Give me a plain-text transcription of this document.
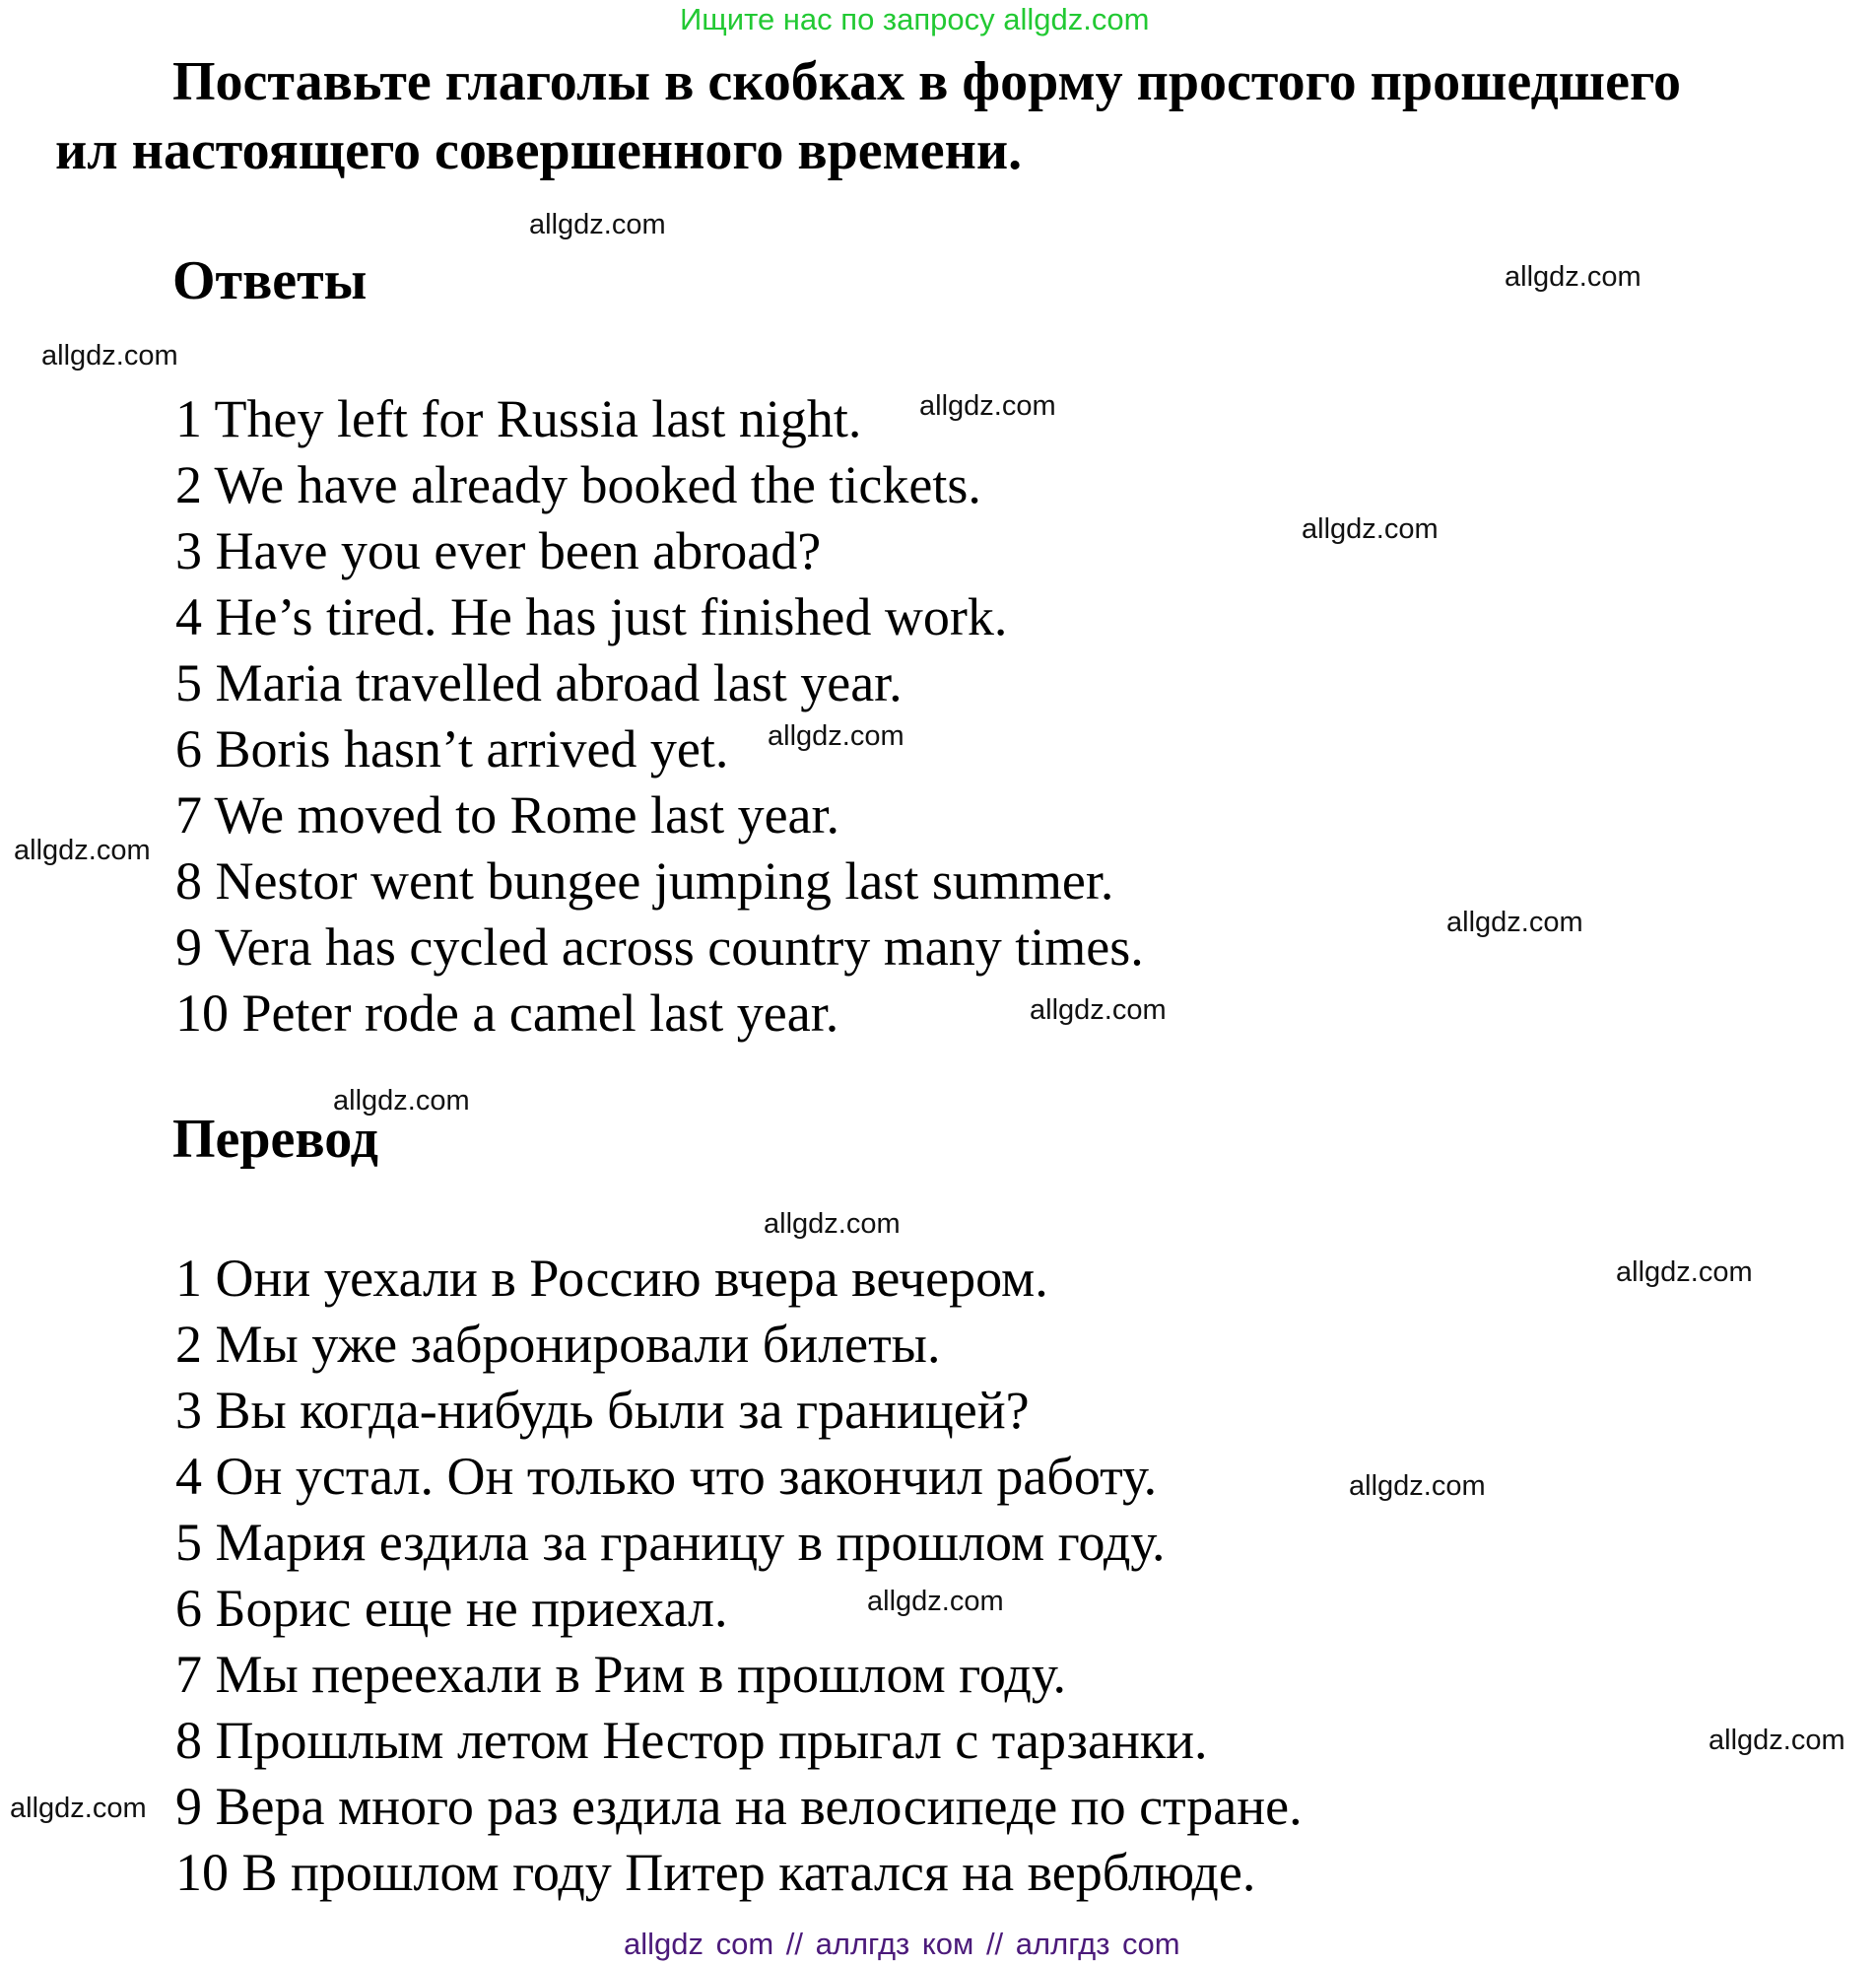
Ищите нас по запросу allgdz.com
Поставьте глаголы в скобках в форму простого прошедшего
ил настоящего совершенного времени.
Ответы
1 They left for Russia last night.
2 We have already booked the tickets.
3 Have you ever been abroad?
4 He’s tired. He has just finished work.
5 Maria travelled abroad last year.
6 Boris hasn’t arrived yet.
7 We moved to Rome last year.
8 Nestor went bungee jumping last summer.
9 Vera has cycled across country many times.
10 Peter rode a camel last year.
Перевод
1 Они уехали в Россию вчера вечером.
2 Мы уже забронировали билеты.
3 Вы когда-нибудь были за границей?
4 Он устал. Он только что закончил работу.
5 Мария ездила за границу в прошлом году.
6 Борис еще не приехал.
7 Мы переехали в Рим в прошлом году.
8 Прошлым летом Нестор прыгал с тарзанки.
9 Вера много раз ездила на велосипеде по стране.
10 В прошлом году Питер катался на верблюде.
allgdz.com
allgdz.com
allgdz.com
allgdz.com
allgdz.com
allgdz.com
allgdz.com
allgdz.com
allgdz.com
allgdz.com
allgdz.com
allgdz.com
allgdz.com
allgdz.com
allgdz.com
allgdz.com
allgdz com // аллгдз ком // аллгдз com
